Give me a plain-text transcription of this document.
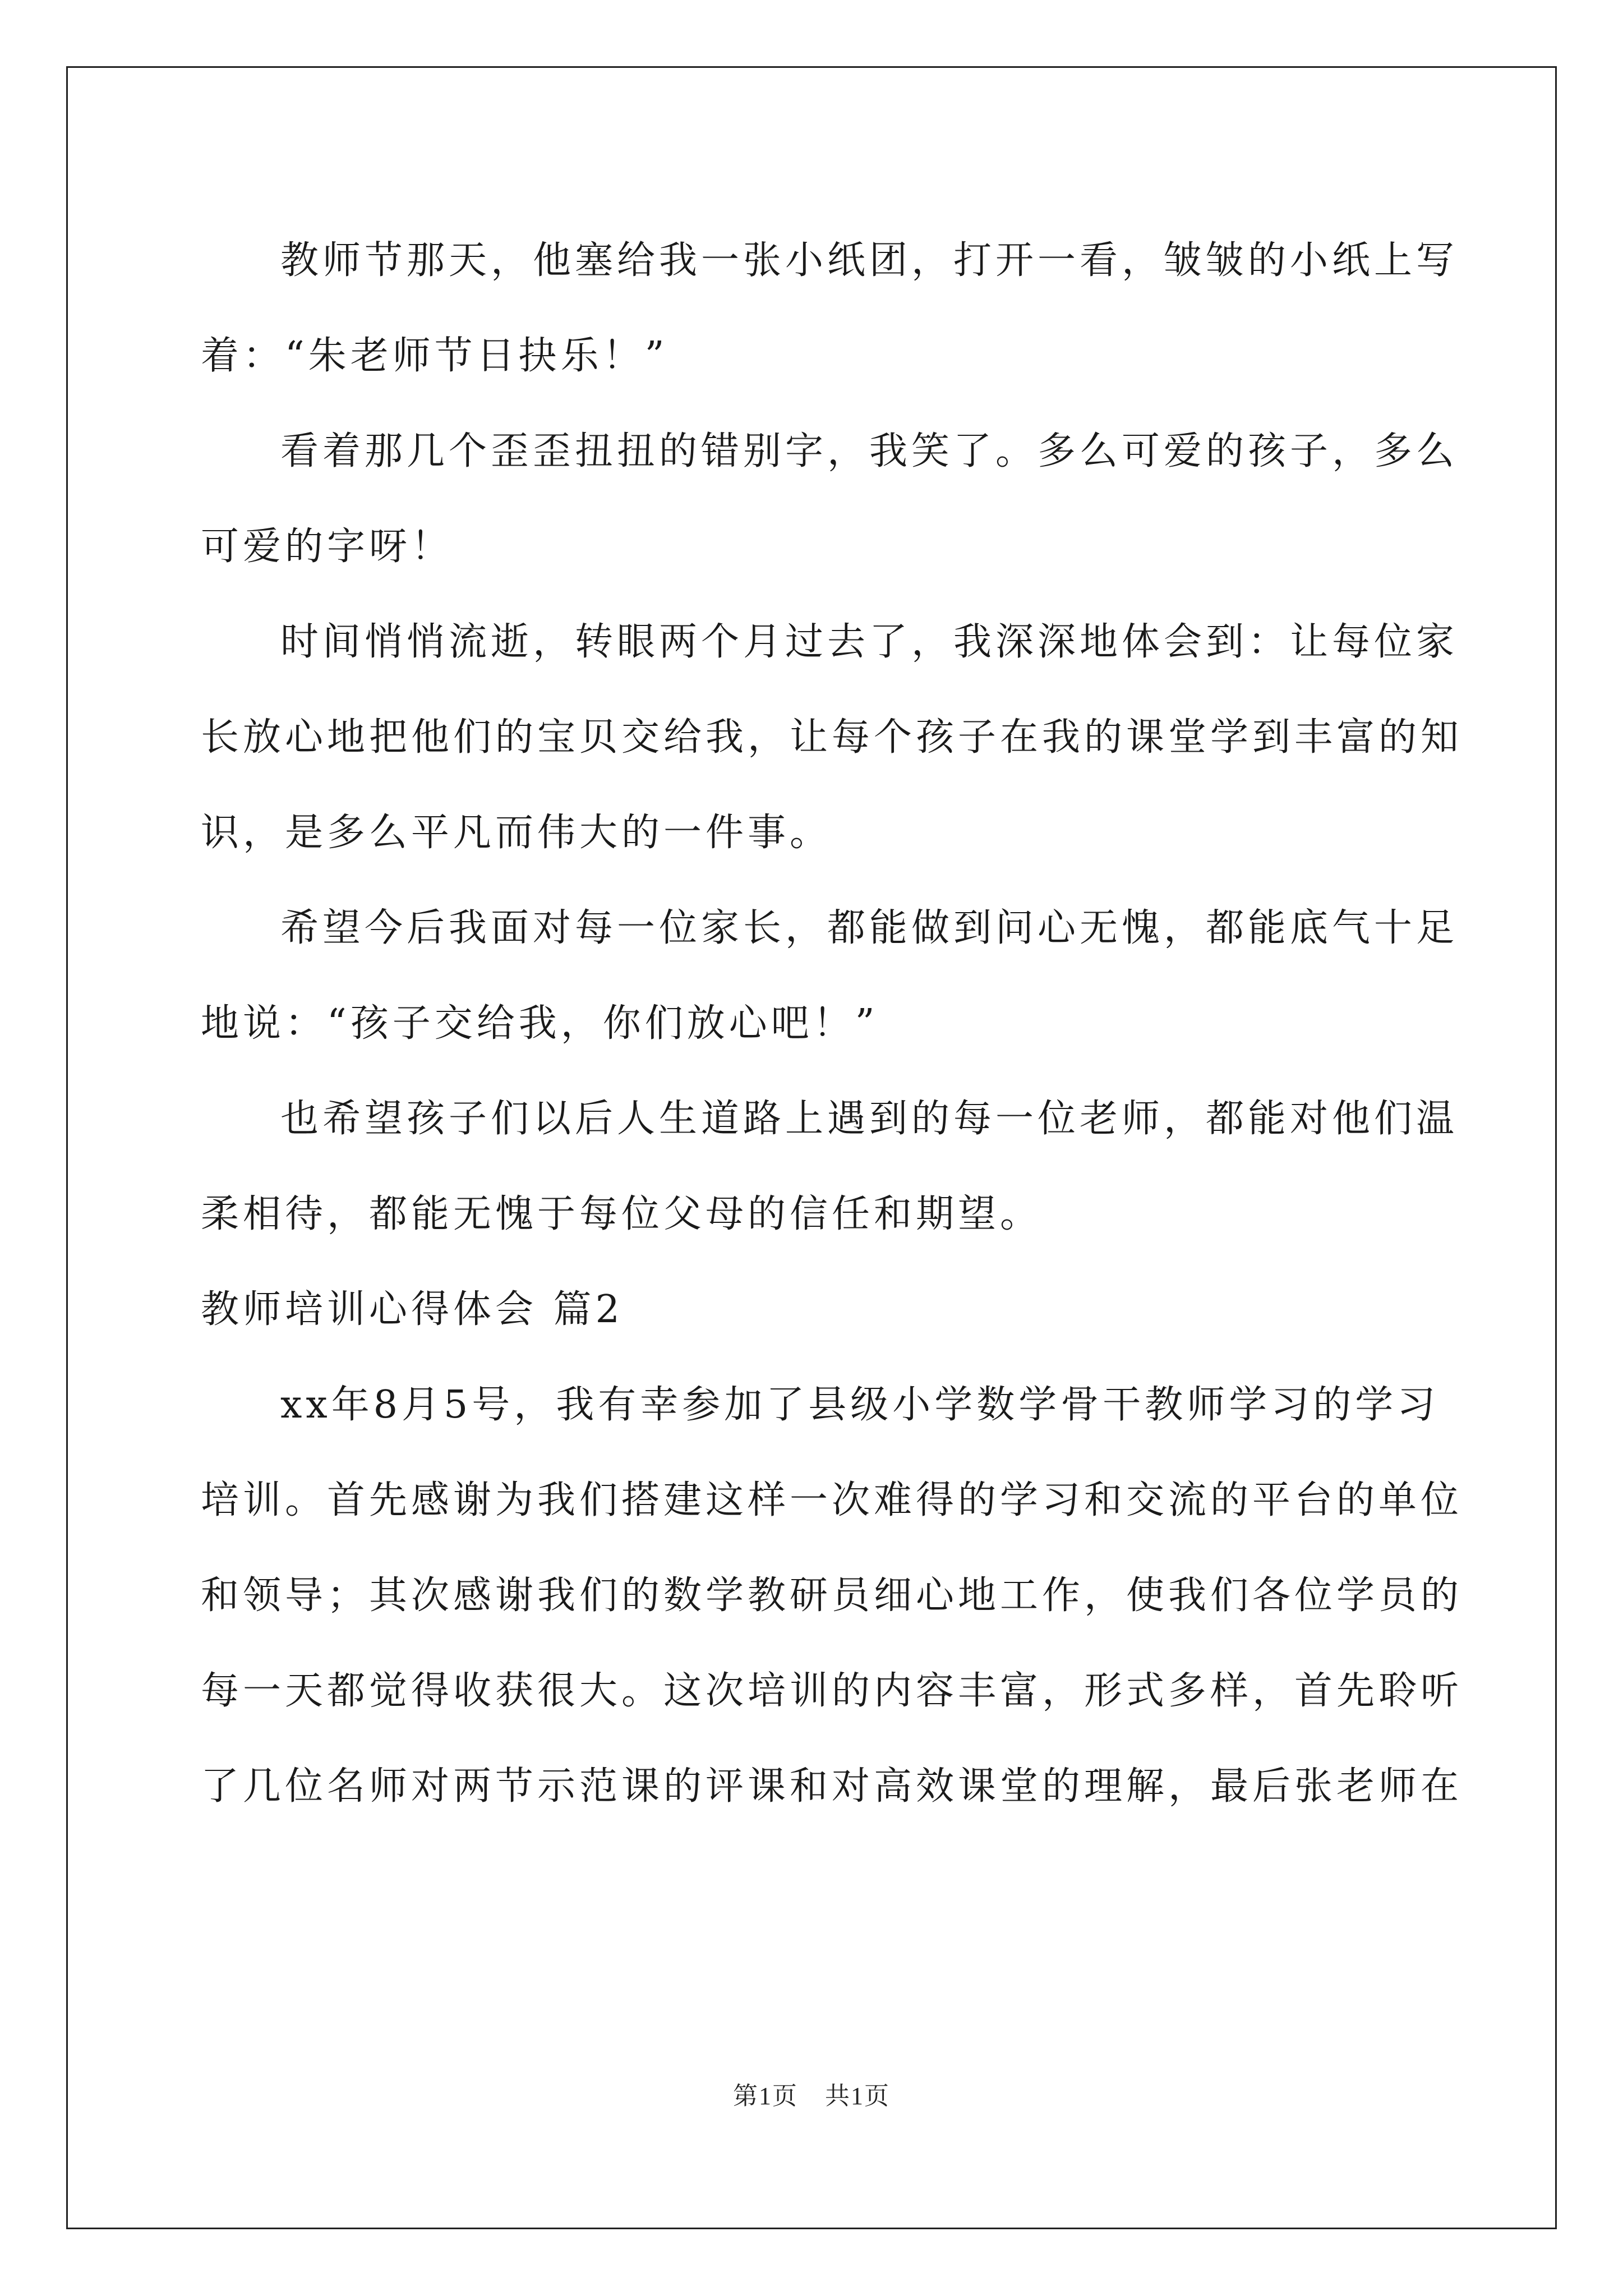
教师节那天，他塞给我一张小纸团，打开一看，皱皱的小纸上写
着：“朱老师节日抉乐！”
看着那几个歪歪扭扭的错别字，我笑了。多么可爱的孩子，多么
可爱的字呀！
时间悄悄流逝，转眼两个月过去了，我深深地体会到：让每位家
长放心地把他们的宝贝交给我，让每个孩子在我的课堂学到丰富的知
识，是多么平凡而伟大的一件事。
希望今后我面对每一位家长，都能做到问心无愧，都能底气十足
地说：“孩子交给我，你们放心吧！”
也希望孩子们以后人生道路上遇到的每一位老师，都能对他们温
柔相待，都能无愧于每位父母的信任和期望。
教师培训心得体会 篇2
xx年8月5号，我有幸参加了县级小学数学骨干教师学习的学习
培训。首先感谢为我们搭建这样一次难得的学习和交流的平台的单位
和领导；其次感谢我们的数学教研员细心地工作，使我们各位学员的
每一天都觉得收获很大。这次培训的内容丰富，形式多样，首先聆听
了几位名师对两节示范课的评课和对高效课堂的理解，最后张老师在
第1页 共1页
